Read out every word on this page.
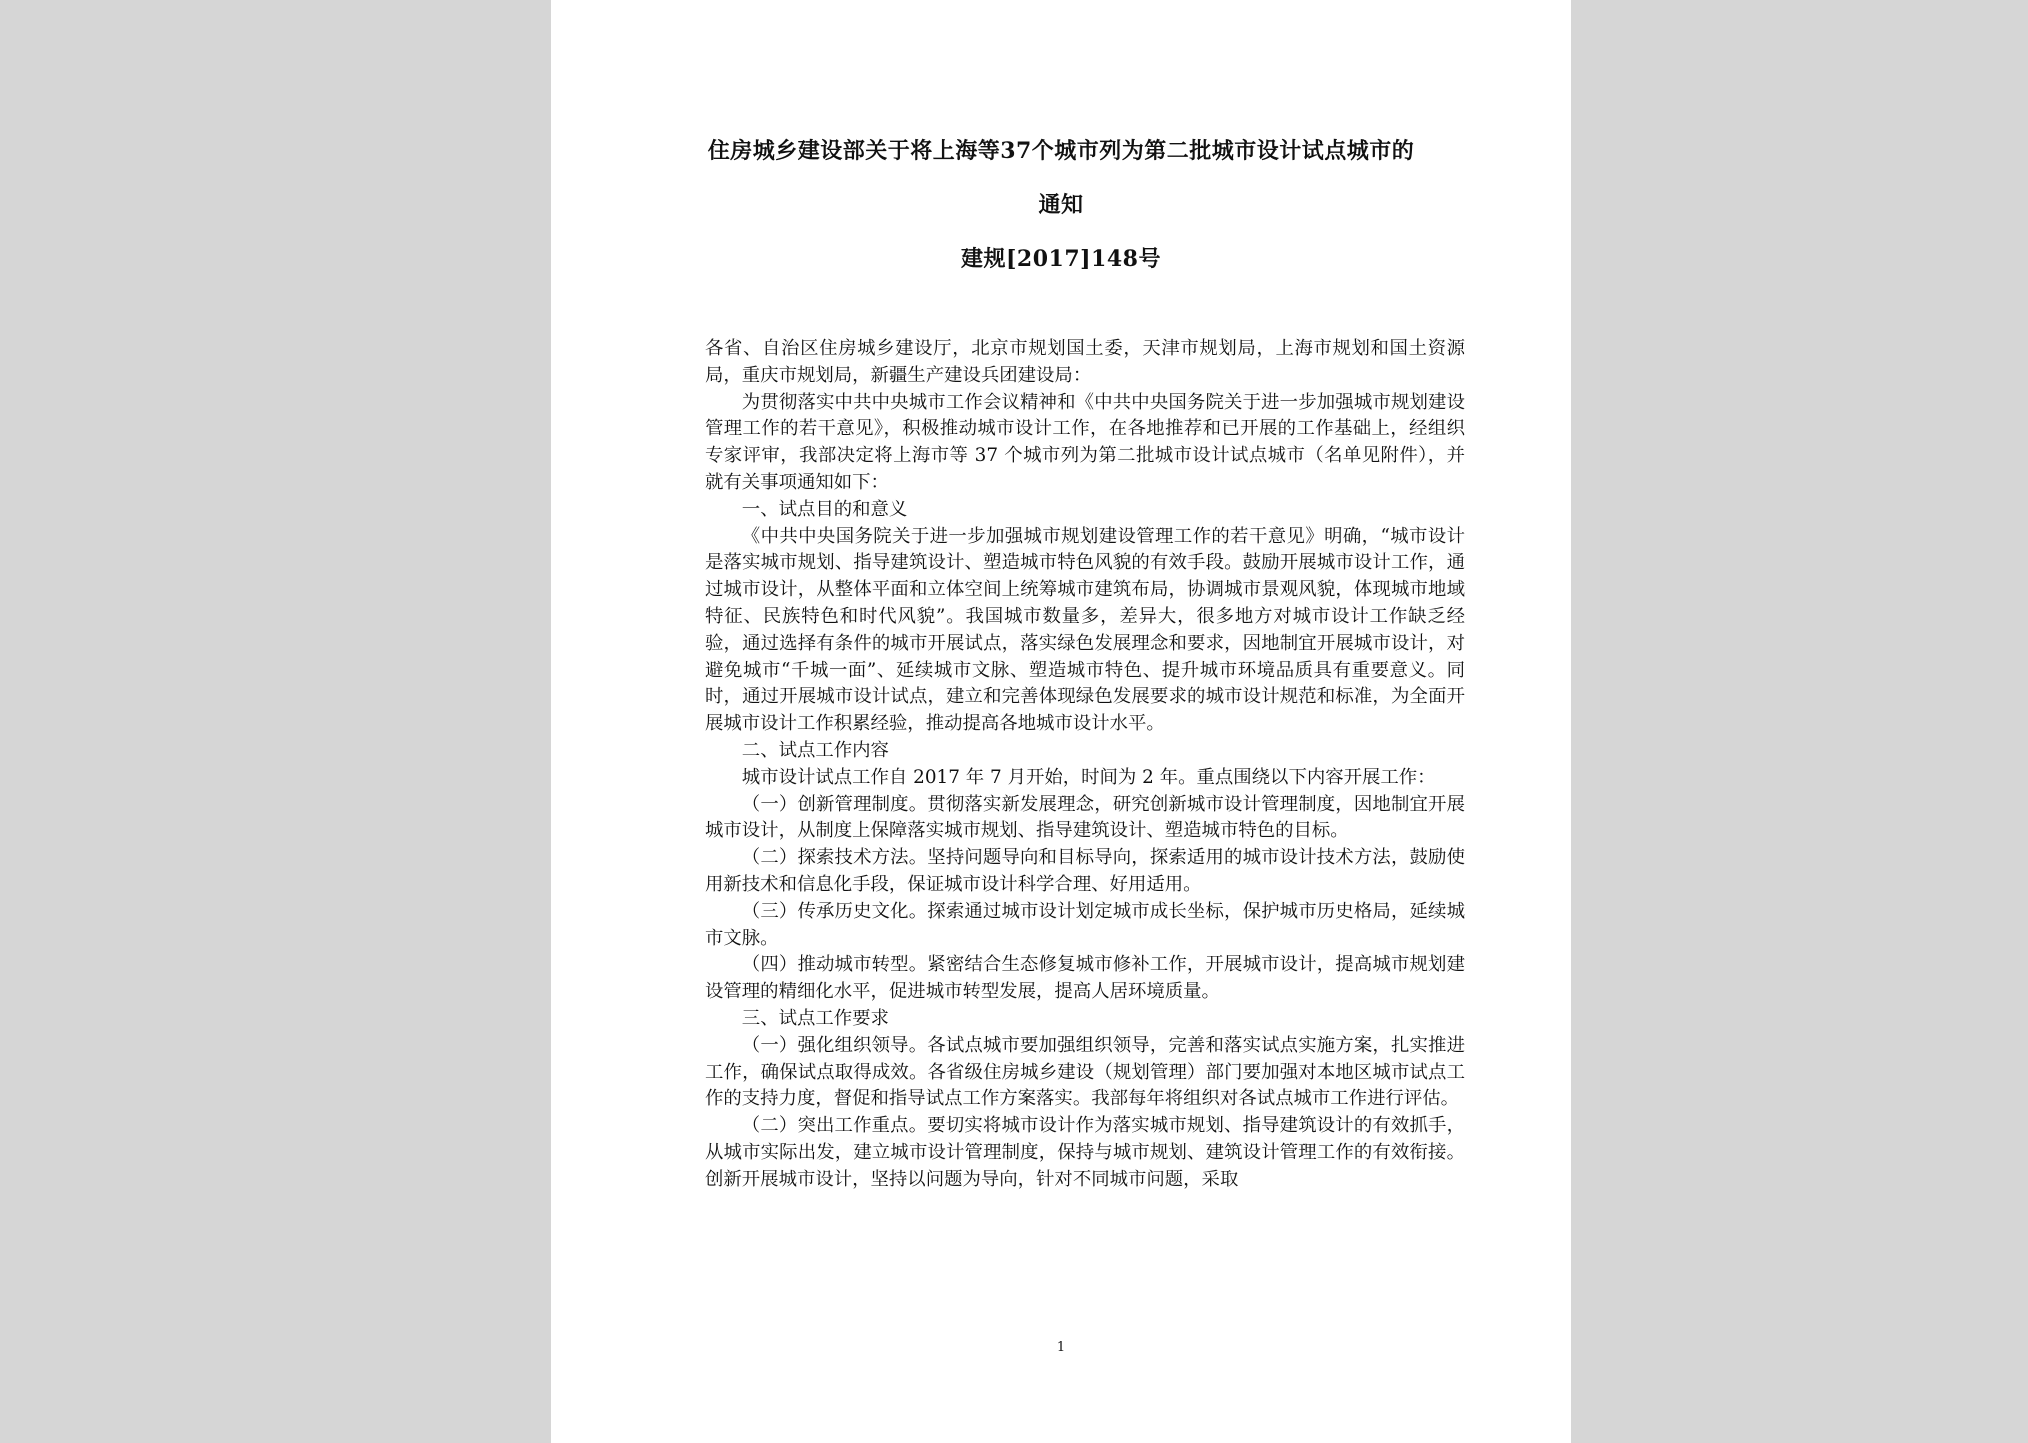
住房城乡建设部关于将上海等37个城市列为第二批城市设计试点城市的
通知
建规[2017]148号

各省、自治区住房城乡建设厅，北京市规划国土委，天津市规划局，上海市规划和国土资源局，重庆市规划局，新疆生产建设兵团建设局：

为贯彻落实中共中央城市工作会议精神和《中共中央国务院关于进一步加强城市规划建设管理工作的若干意见》，积极推动城市设计工作，在各地推荐和已开展的工作基础上，经组织专家评审，我部决定将上海市等 37 个城市列为第二批城市设计试点城市（名单见附件），并就有关事项通知如下：

一、试点目的和意义

《中共中央国务院关于进一步加强城市规划建设管理工作的若干意见》明确，“城市设计是落实城市规划、指导建筑设计、塑造城市特色风貌的有效手段。鼓励开展城市设计工作，通过城市设计，从整体平面和立体空间上统筹城市建筑布局，协调城市景观风貌，体现城市地域特征、民族特色和时代风貌”。我国城市数量多，差异大，很多地方对城市设计工作缺乏经验，通过选择有条件的城市开展试点，落实绿色发展理念和要求，因地制宜开展城市设计，对避免城市“千城一面”、延续城市文脉、塑造城市特色、提升城市环境品质具有重要意义。同时，通过开展城市设计试点，建立和完善体现绿色发展要求的城市设计规范和标准，为全面开展城市设计工作积累经验，推动提高各地城市设计水平。

二、试点工作内容

城市设计试点工作自 2017 年 7 月开始，时间为 2 年。重点围绕以下内容开展工作：

（一）创新管理制度。贯彻落实新发展理念，研究创新城市设计管理制度，因地制宜开展城市设计，从制度上保障落实城市规划、指导建筑设计、塑造城市特色的目标。

（二）探索技术方法。坚持问题导向和目标导向，探索适用的城市设计技术方法，鼓励使用新技术和信息化手段，保证城市设计科学合理、好用适用。

（三）传承历史文化。探索通过城市设计划定城市成长坐标，保护城市历史格局，延续城市文脉。

（四）推动城市转型。紧密结合生态修复城市修补工作，开展城市设计，提高城市规划建设管理的精细化水平，促进城市转型发展，提高人居环境质量。

三、试点工作要求

（一）强化组织领导。各试点城市要加强组织领导，完善和落实试点实施方案，扎实推进工作，确保试点取得成效。各省级住房城乡建设（规划管理）部门要加强对本地区城市试点工作的支持力度，督促和指导试点工作方案落实。我部每年将组织对各试点城市工作进行评估。

（二）突出工作重点。要切实将城市设计作为落实城市规划、指导建筑设计的有效抓手，从城市实际出发，建立城市设计管理制度，保持与城市规划、建筑设计管理工作的有效衔接。创新开展城市设计，坚持以问题为导向，针对不同城市问题，采取

1
